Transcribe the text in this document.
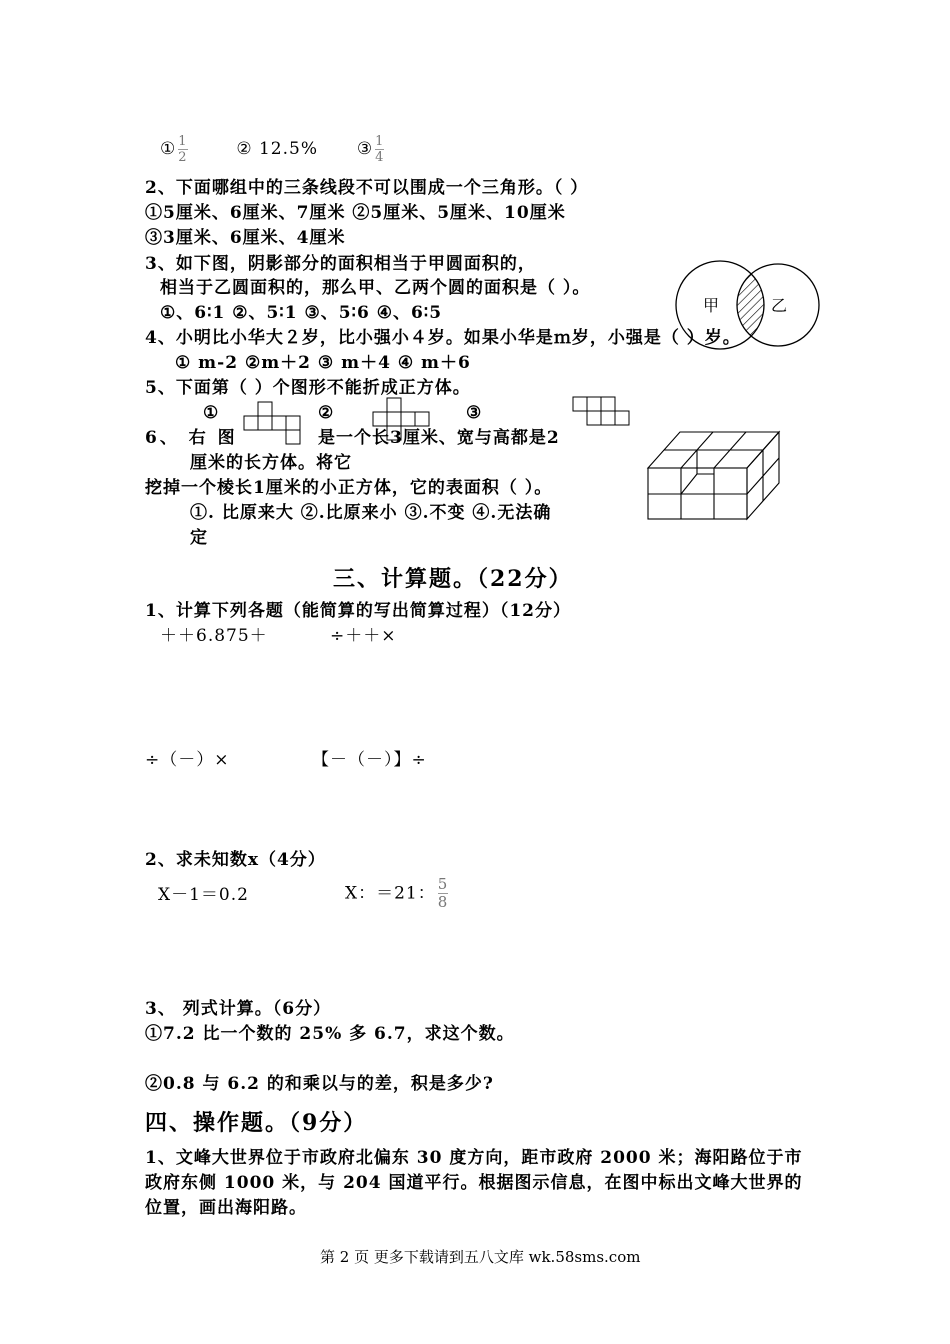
① $\frac{1}{2}$	② 12.5% ③ $\frac{1}{4}$
2、下面哪组中的三条线段不可以围成一个三角形。（ ）
①5厘米、6厘米、7厘米 ②5厘米、5厘米、10厘米
③3厘米、6厘米、4厘米
3、如下图，阴影部分的面积相当于甲圆面积的，
相当于乙圆面积的，那么甲、乙两个圆的面积是（ ）。
①、6∶1 ②、5∶1 ③、5∶6 ④、6∶5	甲	乙
4、小明比小华大２岁，比小强小４岁。如果小华是ｍ岁，小强是（ ）岁。
① m-2 ②m＋2 ③ m＋4 ④ m＋6
5、下面第（ ）个图形不能折成正方体。
①	②	③
6、 右 图	是一个长3厘米、宽与高都是2
厘米的长方体。将它
挖掉一个棱长1厘米的小正方体，它的表面积（ ）。
①. 比原来大 ②.比原来小 ③.不变 ④.无法确
定
三、计算题。（22分）
1、计算下列各题（能简算的写出简算过程）（12分）
＋＋6.875＋	÷＋＋×
÷（－）×	【－（－）】÷
2、求未知数x（4分）
X－1＝0.2	X：＝21： $\frac{5}{8}$
3、 列式计算。（6分）
①7.2 比一个数的 25% 多 6.7，求这个数。
②0.8 与 6.2 的和乘以与的差，积是多少?
四、操作题。（9分）
1、文峰大世界位于市政府北偏东 30 度方向，距市政府 2000 米；海阳路位于市
政府东侧 1000 米，与 204 国道平行。根据图示信息，在图中标出文峰大世界的
位置，画出海阳路。
第 2 页 更多下载请到五八文库 wk.58sms.com
